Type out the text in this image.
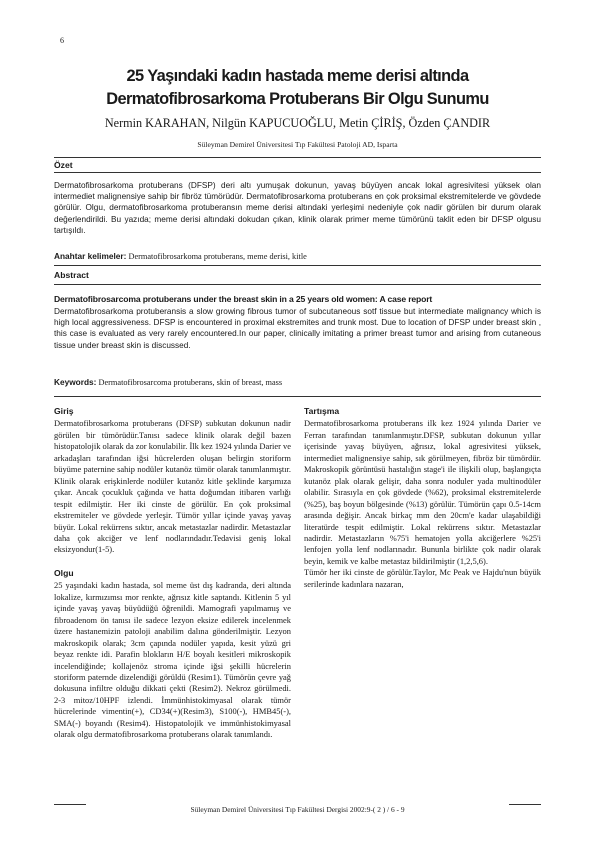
6
25 Yaşındaki kadın hastada meme derisi altında
Dermatofibrosarkoma Protuberans Bir Olgu Sunumu
Nermin KARAHAN, Nilgün KAPUCUOĞLU, Metin ÇİRİŞ, Özden ÇANDIR
Süleyman Demirel Üniversitesi Tıp Fakültesi Patoloji AD, Isparta
Özet
Dermatofibrosarkoma protuberans (DFSP) deri altı yumuşak dokunun, yavaş büyüyen ancak lokal agresivitesi yüksek olan intermediet malignensiye sahip bir fibröz tümörüdür. Dermatofibrosarkoma protuberans en çok proksimal ekstremitelerde ve gövdede görülür. Olgu, dermatofibrosarkoma protuberansın meme derisi altındaki yerleşimi nedeniyle çok nadir görülen bir durum olarak değerlendirildi. Bu yazıda; meme derisi altındaki dokudan çıkan, klinik olarak primer meme tümörünü taklit eden bir DFSP olgusu tartışıldı.
Anahtar kelimeler: Dermatofibrosarkoma protuberans, meme derisi, kitle
Abstract
Dermatofibrosarcoma protuberans under the breast skin in a 25 years old women: A case report
Dermatofibrosarkoma protuberansis a slow growing fibrous tumor of subcutaneous sotf tissue but intermediate malignancy which is high local aggressiveness. DFSP is encountered in proximal ekstremites and trunk most. Due to location of DFSP under breast skin , this case is evaluated as very rarely encountered.In our paper, clinically imitating a primer breast tumor and arising from cutaneous tissue under breast skin is discussed.
Keywords: Dermatofibrosarcoma protuberans, skin of breast, mass
Giriş

Dermatofibrosarkoma protuberans (DFSP) subkutan dokunun nadir görülen bir tümörüdür.Tanısı sadece klinik olarak değil bazen histopatolojik olarak da zor konulabilir. İlk kez 1924 yılında Darier ve arkadaşları tarafından iğsi hücrelerden oluşan belirgin storiform büyüme paternine sahip nodüler kutanöz tümör olarak tanımlanmıştır. Klinik olarak erişkinlerde nodüler kutanöz kitle şeklinde karşımıza çıkar. Ancak çocukluk çağında ve hatta doğumdan itibaren varlığı tespit edilmiştir. Her iki cinste de görülür. En çok proksimal ekstremiteler ve gövdede yerleşir. Tümör yıllar içinde yavaş yavaş büyür. Lokal rekürrens sıktır, ancak metastazlar nadirdir. Metastazlar daha çok akciğer ve lenf nodlarındadır.Tedavisi geniş lokal eksizyondur(1-5).

Olgu

25 yaşındaki kadın hastada, sol meme üst dış kadranda, deri altında lokalize, kırmızımsı mor renkte, ağrısız kitle saptandı. Kitlenin 5 yıl içinde yavaş yavaş büyüdüğü öğrenildi. Mamografi yapılmamış ve fibroadenom ön tanısı ile sadece lezyon eksize edilerek incelenmek üzere hastanemizin patoloji anabilim dalına gönderilmiştir. Lezyon makroskopik olarak; 3cm çapında nodüler yapıda, kesit yüzü gri beyaz renkte idi. Parafin blokların H/E boyalı kesitleri mikroskopik incelendiğinde; kollajenöz stroma içinde iğsi şekilli hücrelerin storiform paternde dizelendiği görüldü (Resim1). Tümörün çevre yağ dokusuna infiltre olduğu dikkati çekti (Resim2). Nekroz görülmedi. 2-3 mitoz/10HPF izlendi. İmmünhistokimyasal olarak tümör hücrelerinde vimentin(+), CD34(+)(Resim3), S100(-), HMB45(-), SMA(-) boyandı (Resim4). Histopatolojik ve immünhistokimyasal olarak olgu dermatofibrosarkoma protuberans olarak tanımlandı.

Tartışma

Dermatofibrosarkoma protuberans ilk kez 1924 yılında Darier ve Ferran tarafından tanımlanmıştır.DFSP, subkutan dokunun yıllar içerisinde yavaş büyüyen, ağrısız, lokal agresivitesi yüksek, intermediet malignensiye sahip, sık görülmeyen, fibröz bir tümördür. Makroskopik görüntüsü hastalığın stage'i ile ilişkili olup, başlangıçta kutanöz plak olarak gelişir, daha sonra noduler yada multinodüler olabilir. Sırasıyla en çok gövdede (%62), proksimal ekstremitelerde (%25), baş boyun bölgesinde (%13) görülür. Tümörün çapı 0.5-14cm arasında değişir. Ancak birkaç mm den 20cm'e kadar ulaşabildiği literatürde tespit edilmiştir. Lokal rekürrens sıktır. Metastazlar nadirdir. Metastazların %75'i hematojen yolla akciğerlere %25'i lenfojen yolla lenf nodlarınadır. Bununla birlikte çok nadir olarak beyin, kemik ve kalbe metastaz bildirilmiştir (1,2,5,6).

Tümör her iki cinste de görülür.Taylor, Mc Peak ve Hajdu'nun büyük serilerinde kadınlara nazaran,

Süleyman Demirel Üniversitesi Tıp Fakültesi Dergisi 2002:9-( 2 ) / 6 - 9
